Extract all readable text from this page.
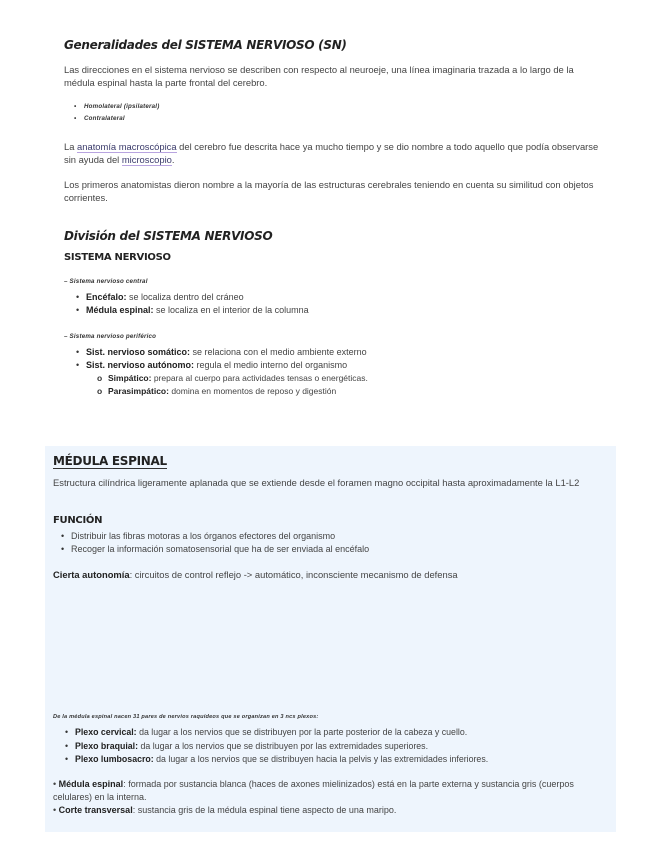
Generalidades del SISTEMA NERVIOSO (SN)
Las direcciones en el sistema nervioso se describen con respecto al neuroeje, una línea imaginaria trazada a lo largo de la médula espinal hasta la parte frontal del cerebro.
• Homolateral (ipsilateral)
• Contralateral
La anatomía macroscópica del cerebro fue descrita hace ya mucho tiempo y se dio nombre a todo aquello que podía observarse sin ayuda del microscopio.
Los primeros anatomistas dieron nombre a la mayoría de las estructuras cerebrales teniendo en cuenta su similitud con objetos corrientes.
División del SISTEMA NERVIOSO
SISTEMA NERVIOSO
– Sistema nervioso central
• Encéfalo: se localiza dentro del cráneo
• Médula espinal: se localiza en el interior de la columna
– Sistema nervioso periférico
• Sist. nervioso somático: se relaciona con el medio ambiente externo
• Sist. nervioso autónomo: regula el medio interno del organismo
o Simpático: prepara al cuerpo para actividades tensas o energéticas.
o Parasimpático: domina en momentos de reposo y digestión
MÉDULA ESPINAL
Estructura cilíndrica ligeramente aplanada que se extiende desde el foramen magno occipital hasta aproximadamente la L1-L2
FUNCIÓN
• Distribuir las fibras motoras a los órganos efectores del organismo
• Recoger la información somatosensorial que ha de ser enviada al encéfalo
Cierta autonomía: circuitos de control reflejo -> automático, inconsciente mecanismo de defensa
De la médula espinal nacen 31 pares de nervios raquídeos que se organizan en 3 ncs plexos:
• Plexo cervical: da lugar a los nervios que se distribuyen por la parte posterior de la cabeza y cuello.
• Plexo braquial: da lugar a los nervios que se distribuyen por las extremidades superiores.
• Plexo lumbosacro: da lugar a los nervios que se distribuyen hacia la pelvis y las extremidades inferiores.
• Médula espinal: formada por sustancia blanca (haces de axones mielinizados) está en la parte externa y sustancia gris (cuerpos celulares) en la interna.
• Corte transversal: sustancia gris de la médula espinal tiene aspecto de una maripo.
